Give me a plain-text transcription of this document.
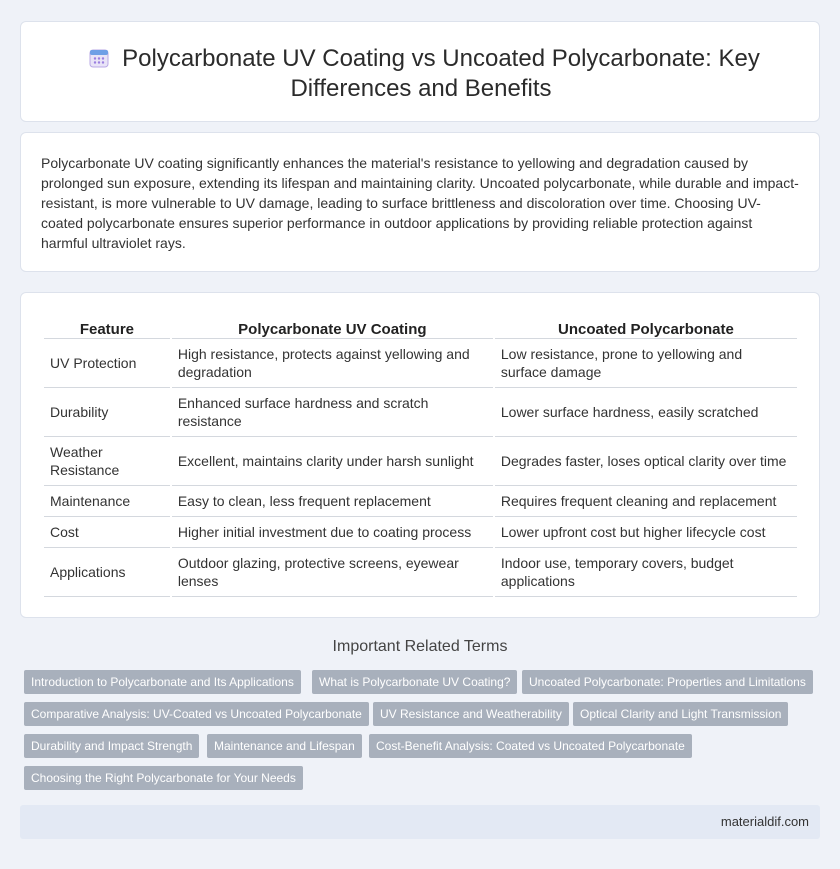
Polycarbonate UV Coating vs Uncoated Polycarbonate: Key
Differences and Benefits

Polycarbonate UV coating significantly enhances the material's resistance to yellowing and degradation caused by prolonged sun exposure, extending its lifespan and maintaining clarity. Uncoated polycarbonate, while durable and impact-resistant, is more vulnerable to UV damage, leading to surface brittleness and discoloration over time. Choosing UV-coated polycarbonate ensures superior performance in outdoor applications by providing reliable protection against harmful ultraviolet rays.

Feature	Polycarbonate UV Coating	Uncoated Polycarbonate
UV Protection	High resistance, protects against yellowing and degradation	Low resistance, prone to yellowing and surface damage
Durability	Enhanced surface hardness and scratch resistance	Lower surface hardness, easily scratched
Weather Resistance	Excellent, maintains clarity under harsh sunlight	Degrades faster, loses optical clarity over time
Maintenance	Easy to clean, less frequent replacement	Requires frequent cleaning and replacement
Cost	Higher initial investment due to coating process	Lower upfront cost but higher lifecycle cost
Applications	Outdoor glazing, protective screens, eyewear lenses	Indoor use, temporary covers, budget applications
Important Related Terms
Introduction to Polycarbonate and Its Applications	What is Polycarbonate UV Coating?	Uncoated Polycarbonate: Properties and Limitations
Comparative Analysis: UV-Coated vs Uncoated Polycarbonate	UV Resistance and Weatherability	Optical Clarity and Light Transmission
Durability and Impact Strength	Maintenance and Lifespan	Cost-Benefit Analysis: Coated vs Uncoated Polycarbonate
Choosing the Right Polycarbonate for Your Needs
materialdif.com
